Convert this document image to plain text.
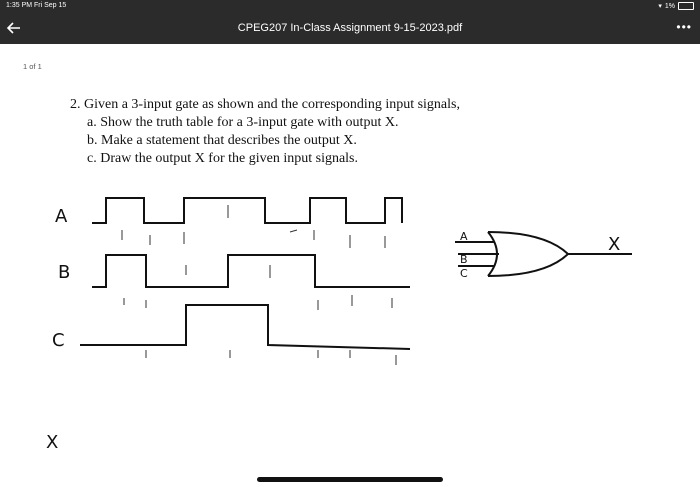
1:35 PM Fri Sep 15	▾ 1%
CPEG207 In-Class Assignment 9-15-2023.pdf	•••
1 of 1
2. Given a 3-input gate as shown and the corresponding input signals,
a. Show the truth table for a 3-input gate with output X.
b. Make a statement that describes the output X.
c. Draw the output X for the given input signals.
A
B
C
X
A
B
C
X
